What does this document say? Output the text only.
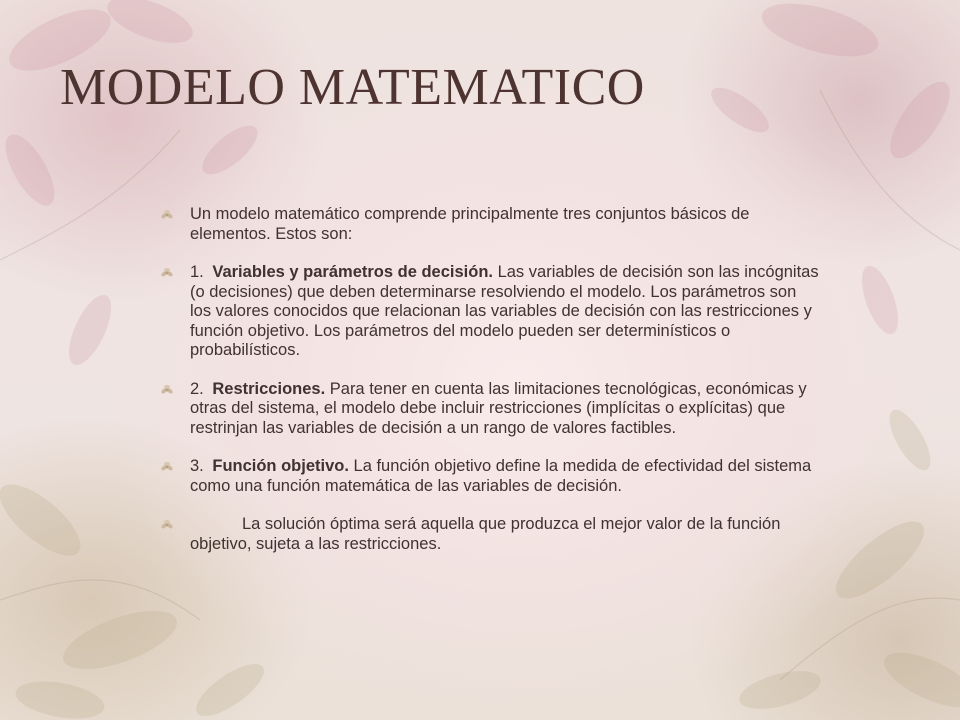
MODELO MATEMATICO
Un modelo matemático comprende principalmente tres conjuntos básicos de elementos. Estos son:
1. Variables y parámetros de decisión. Las variables de decisión son las incógnitas (o decisiones) que deben determinarse resolviendo el modelo. Los parámetros son los valores conocidos que relacionan las variables de decisión con las restricciones y función objetivo. Los parámetros del modelo pueden ser determinísticos o probabilísticos.
2. Restricciones. Para tener en cuenta las limitaciones tecnológicas, económicas y otras del sistema, el modelo debe incluir restricciones (implícitas o explícitas) que restrinjan las variables de decisión a un rango de valores factibles.
3. Función objetivo. La función objetivo define la medida de efectividad del sistema como una función matemática de las variables de decisión.
La solución óptima será aquella que produzca el mejor valor de la función objetivo, sujeta a las restricciones.
